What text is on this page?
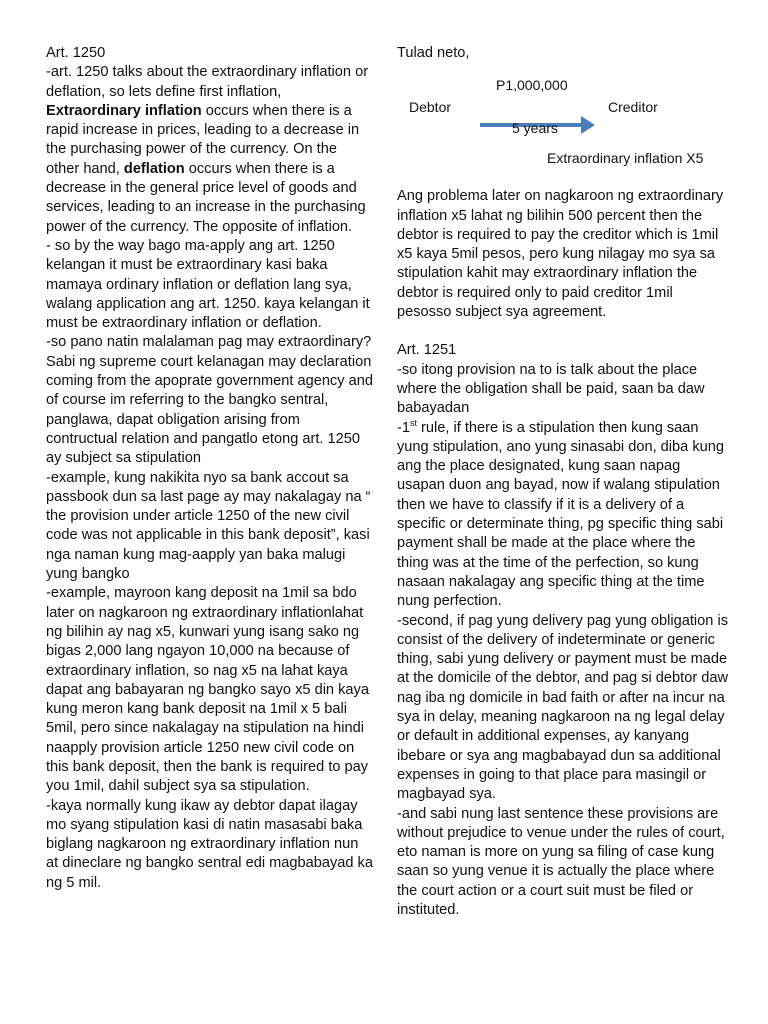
Art. 1250

-art. 1250 talks about the extraordinary inflation or deflation, so lets define first inflation, Extraordinary inflation occurs when there is a rapid increase in prices, leading to a decrease in the purchasing power of the currency. On the other hand, deflation occurs when there is a decrease in the general price level of goods and services, leading to an increase in the purchasing power of the currency. The opposite of inflation.

- so by the way bago ma-apply ang art. 1250 kelangan it must be extraordinary kasi baka mamaya ordinary inflation or deflation lang sya, walang application ang art. 1250. kaya kelangan it must be extraordinary inflation or deflation.

-so pano natin malalaman pag may extraordinary? Sabi ng supreme court kelanagan may declaration coming from the apoprate government agency and of course im referring to the bangko sentral, panglawa, dapat obligation arising from contructual relation and pangatlo etong art. 1250 ay subject sa stipulation

-example, kung nakikita nyo sa bank accout sa passbook dun sa last page ay may nakalagay na “ the provision under article 1250 of the new civil code was not applicable in this bank deposit”, kasi nga naman kung mag-aapply yan baka malugi yung bangko

-example, mayroon kang deposit na 1mil sa bdo later on nagkaroon ng extraordinary inflationlahat ng bilihin ay nag x5, kunwari yung isang sako ng bigas 2,000 lang ngayon 10,000 na because of extraordinary inflation, so nag x5 na lahat kaya dapat ang babayaran ng bangko sayo x5 din kaya kung meron kang bank deposit na 1mil x 5 bali 5mil, pero since nakalagay na stipulation na hindi naapply provision article 1250 new civil code on this bank deposit, then the bank is required to pay you 1mil, dahil subject sya sa stipulation.

-kaya normally kung ikaw ay debtor dapat ilagay mo syang stipulation kasi di natin masasabi baka biglang nagkaroon ng extraordinary inflation nun at dineclare ng bangko sentral edi magbabayad ka ng 5 mil.

Tulad neto,

P1,000,000
Debtor	Creditor
5 years
Extraordinary inflation X5

Ang problema later on nagkaroon ng extraordinary inflation x5 lahat ng bilihin 500 percent then the debtor is required to pay the creditor which is 1mil x5 kaya 5mil pesos, pero kung nilagay mo sya sa stipulation kahit may extraordinary inflation the debtor is required only to paid creditor 1mil pesosso subject sya agreement.

Art. 1251

-so itong provision na to is talk about the place where the obligation shall be paid, saan ba daw babayadan

-1st rule, if there is a stipulation then kung saan yung stipulation, ano yung sinasabi don, diba kung ang the place designated, kung saan napag usapan duon ang bayad, now if walang stipulation then we have to classify if it is a delivery of a specific or determinate thing, pg specific thing sabi payment shall be made at the place where the thing was at the time of the perfection, so kung nasaan nakalagay ang specific thing at the time nung perfection.

-second, if pag yung delivery pag yung obligation is consist of the delivery of indeterminate or generic thing, sabi yung delivery or payment must be made at the domicile of the debtor, and pag si debtor daw nag iba ng domicile in bad faith or after na incur na sya in delay, meaning nagkaroon na ng legal delay or default in additional expenses, ay kanyang ibebare or sya ang magbabayad dun sa additional expenses in going to that place para masingil or magbayad sya.

-and sabi nung last sentence these provisions are without prejudice to venue under the rules of court, eto naman is more on yung sa filing of case kung saan so yung venue it is actually the place where the court action or a court suit must be filed or instituted.
